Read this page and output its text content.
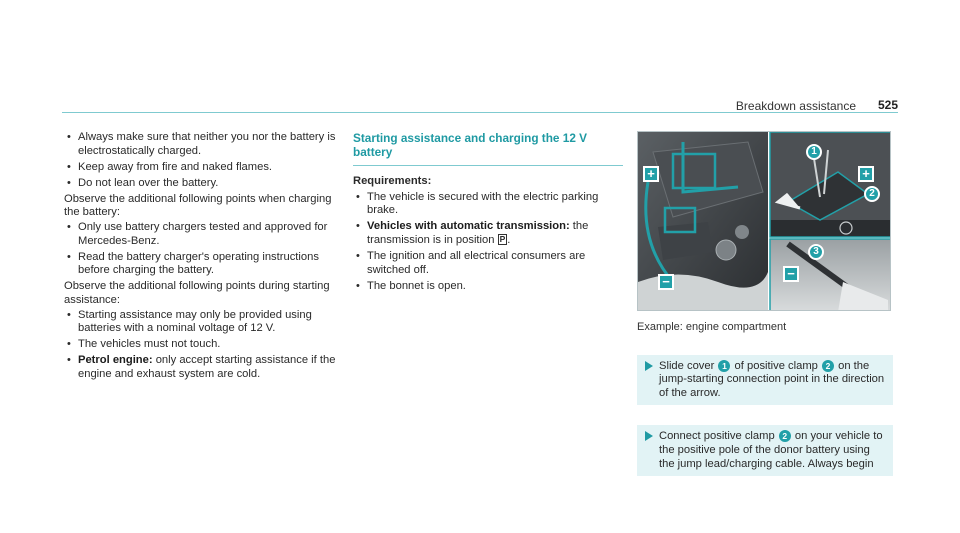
Breakdown assistance 525
• Always make sure that neither you nor the battery is electrostatically charged.
• Keep away from fire and naked flames.
• Do not lean over the battery.

Observe the additional following points when charging the battery:

• Only use battery chargers tested and approved for Mercedes-Benz.
• Read the battery charger's operating instructions before charging the battery.

Observe the additional following points during starting assistance:

• Starting assistance may only be provided using batteries with a nominal voltage of 12 V.
• The vehicles must not touch.
• Petrol engine: only accept starting assistance if the engine and exhaust system are cold.
Starting assistance and charging the 12 V battery
Requirements:
• The vehicle is secured with the electric parking brake.
• Vehicles with automatic transmission: the transmission is in position P .
• The ignition and all electrical consumers are switched off.
• The bonnet is open.
+
−
+
−
1
2
3

Example: engine compartment

Slide cover 1 of positive clamp 2 on the jump-starting connection point in the direction of the arrow.
Connect positive clamp 2 on your vehicle to the positive pole of the donor battery using the jump lead/charging cable. Always begin
